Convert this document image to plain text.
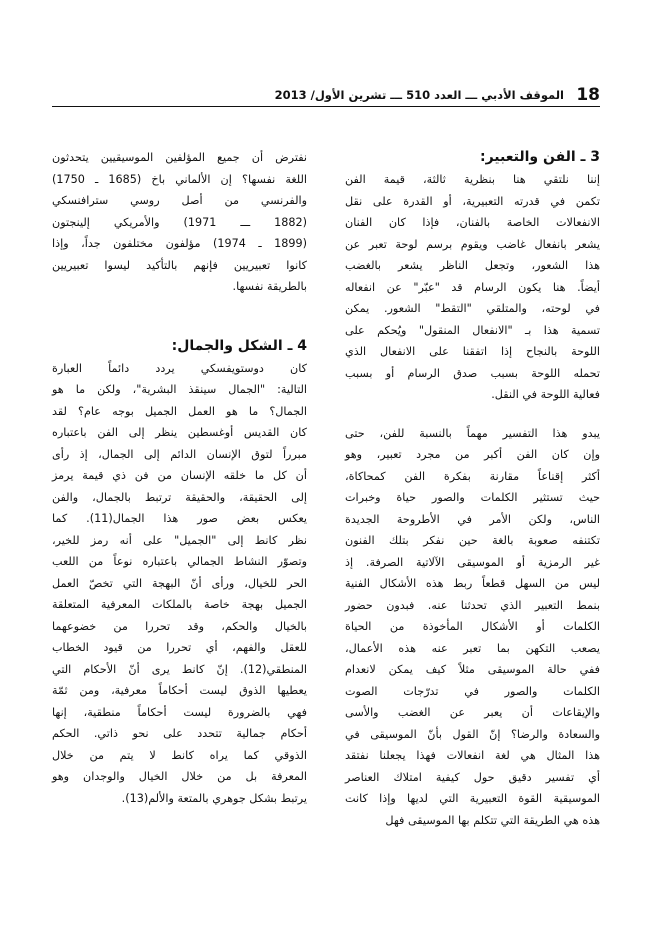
18
الموقف الأدبي ـــ العدد 510 ـــ تشرين الأول/ 2013
3 ـ الفن والتعبير:
إننا نلتقي هنا بنظرية ثالثة، قيمة الفن
تكمن في قدرته التعبيرية، أو القدرة على نقل
الانفعالات الخاصة بالفنان، فإذا كان الفنان
يشعر بانفعال غاضب ويقوم برسم لوحة تعبر عن
هذا الشعور، وتجعل الناظر يشعر بالغضب
أيضاً. هنا يكون الرسام قد "عبّر" عن انفعاله
في لوحته، والمتلقي "التقط" الشعور. يمكن
تسمية هذا بـ "الانفعال المنقول" ويُحكم على
اللوحة بالنجاح إذا اتفقنا على الانفعال الذي
تحمله اللوحة بسبب صدق الرسام أو بسبب
فعالية اللوحة في النقل.
يبدو هذا التفسير مهماً بالنسبة للفن، حتى
وإن كان الفن أكبر من مجرد تعبير، وهو
أكثر إقناعاً مقارنة بفكرة الفن كمحاكاة،
حيث تستثير الكلمات والصور حياة وخبرات
الناس، ولكن الأمر في الأطروحة الجديدة
تكتنفه صعوبة بالغة حين نفكر بتلك الفنون
غير الرمزية أو الموسيقى الآلاتية الصرفة. إذ
ليس من السهل قطعاً ربط هذه الأشكال الفنية
بنمط التعبير الذي تحدثنا عنه. فبدون حضور
الكلمات أو الأشكال المأخوذة من الحياة
يصعب التكهن بما تعبر عنه هذه الأعمال،
ففي حالة الموسيقى مثلاً كيف يمكن لانعدام
الكلمات والصور في تدرّجات الصوت
والإيقاعات أن يعبر عن الغضب والأسى
والسعادة والرضا؟ إنّ القول بأنّ الموسيقى في
هذا المثال هي لغة انفعالات فهذا يجعلنا نفتقد
أي تفسير دقيق حول كيفية امتلاك العناصر
الموسيقية القوة التعبيرية التي لديها وإذا كانت
هذه هي الطريقة التي تتكلم بها الموسيقى فهل
نفترض أن جميع المؤلفين الموسيقيين يتحدثون
اللغة نفسها؟ إن الألماني باخ (1685 ـ 1750)
والفرنسي من أصل روسي سترافنسكي
(1882 ـــ 1971) والأمريكي إلينجتون
(1899 ـ 1974) مؤلفون مختلفون جداً، وإذا
كانوا تعبيريين فإنهم بالتأكيد ليسوا تعبيريين
بالطريقة نفسها.
4 ـ الشكل والجمال:
كان دوستويفسكي يردد دائماً العبارة
التالية: "الجمال سينقذ البشرية"، ولكن ما هو
الجمال؟ ما هو العمل الجميل بوجه عام؟ لقد
كان القديس أوغسطين ينظر إلى الفن باعتباره
مبرراً لتوق الإنسان الدائم إلى الجمال، إذ رأى
أن كل ما خلقه الإنسان من فن ذي قيمة يرمز
إلى الحقيقة، والحقيقة ترتبط بالجمال، والفن
يعكس بعض صور هذا الجمال(11). كما
نظر كانط إلى "الجميل" على أنه رمز للخير،
وتصوّر النشاط الجمالي باعتباره نوعاً من اللعب
الحر للخيال، ورأى أنّ البهجة التي تخصّ العمل
الجميل بهجة خاصة بالملكات المعرفية المتعلقة
بالخيال والحكم، وقد تحررا من خضوعهما
للعقل والفهم، أي تحررا من قيود الخطاب
المنطقي(12). إنّ كانط يرى أنّ الأحكام التي
يعطيها الذوق ليست أحكاماً معرفية، ومن ثمّة
فهي بالضرورة ليست أحكاماً منطقية، إنها
أحكام جمالية تتحدد على نحو ذاتي. الحكم
الذوقي كما يراه كانط لا يتم من خلال
المعرفة بل من خلال الخيال والوجدان وهو
يرتبط بشكل جوهري بالمتعة والألم(13).
